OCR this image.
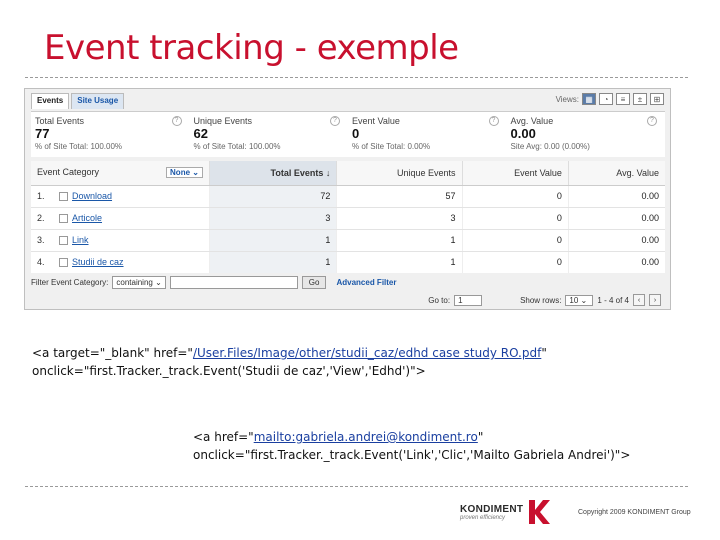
Event tracking - exemple
Events	Site Usage	Views: ▦	◔	≡	±	⊞
Total Events
77
% of Site Total: 100.00%
?	Unique Events
62
% of Site Total: 100.00%
?	Event Value
0
% of Site Total: 0.00%
?	Avg. Value
0.00
Site Avg: 0.00 (0.00%)
?
Event Category None ⌄		Total Events ↓	Unique Events	Event Value	Avg. Value
1.	Download	72	57	0	0.00
2.	Articole	3	3	0	0.00
3.	Link	1	1	0	0.00
4.	Studii de caz	1	1	0	0.00
Filter Event Category:	containing ⌄	Go	Advanced Filter
Go to:	1	Show rows:	10 ⌄	1 - 4 of 4	‹	›
<a target="_blank" href="/User.Files/Image/other/studii_caz/edhd case study RO.pdf"
onclick="first.Tracker._track.Event('Studii de caz','View','Edhd')">
<a href="mailto:gabriela.andrei@kondiment.ro"
onclick="first.Tracker._track.Event('Link','Clic','Mailto Gabriela Andrei')">
KONDIMENT
proven efficiency
Copyright 2009 KONDIMENT Group
